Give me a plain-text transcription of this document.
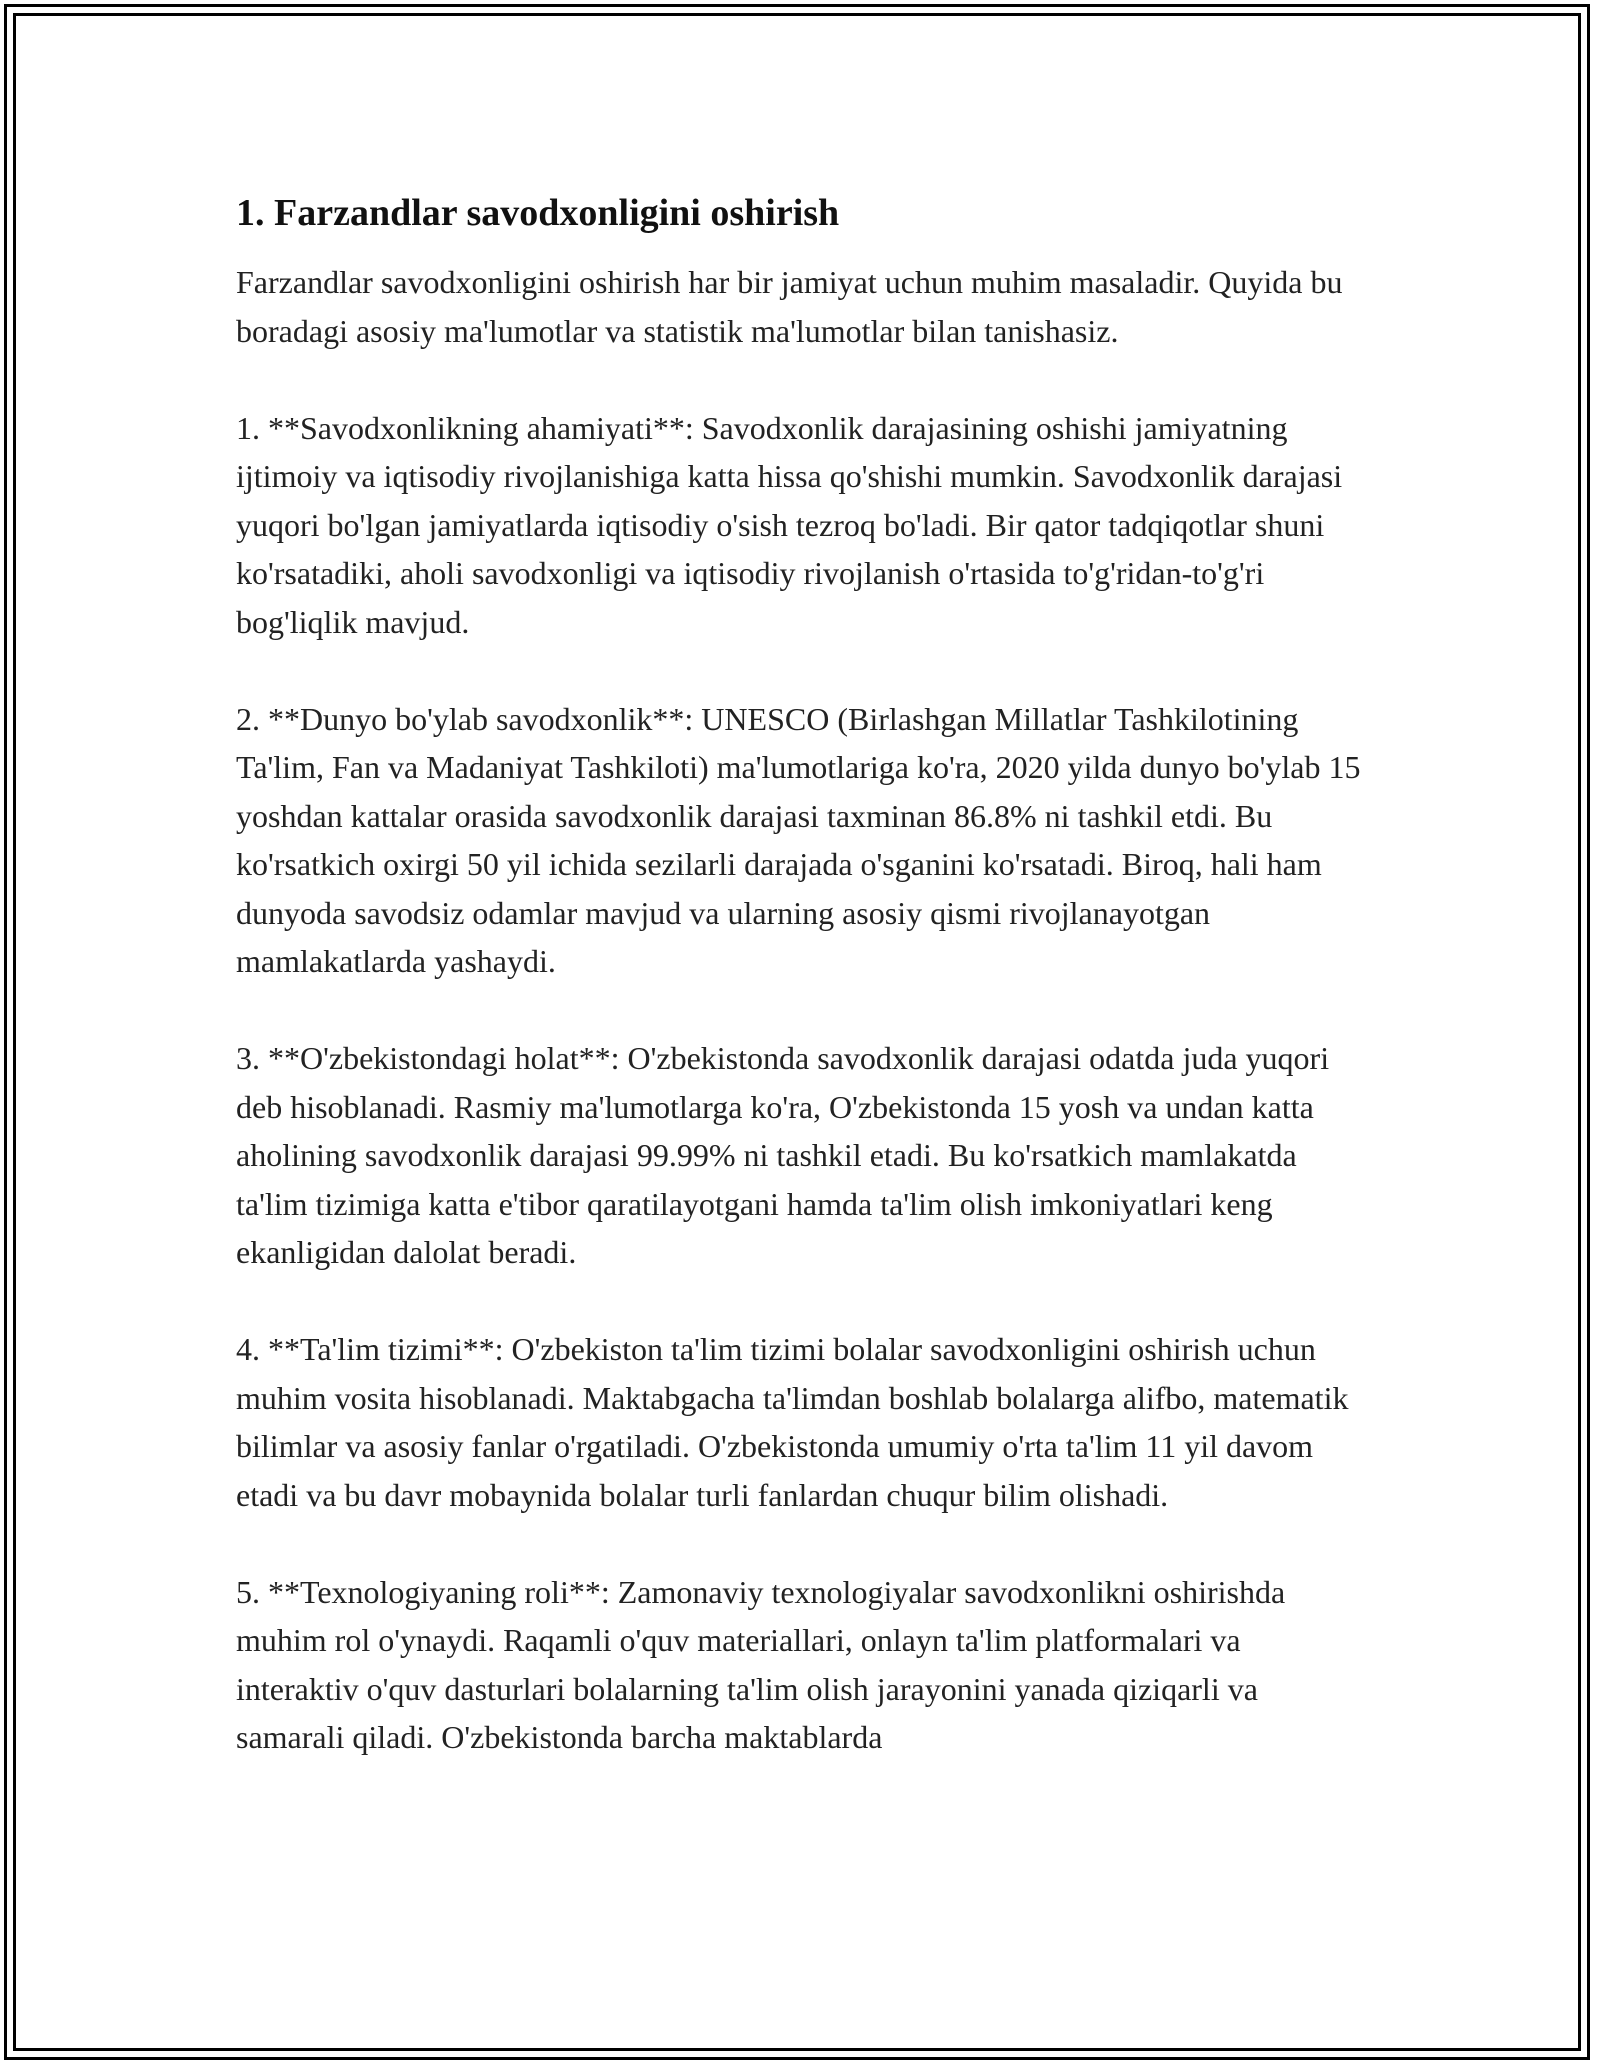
1. Farzandlar savodxonligini oshirish

Farzandlar savodxonligini oshirish har bir jamiyat uchun muhim masaladir. Quyida bu boradagi asosiy ma'lumotlar va statistik ma'lumotlar bilan tanishasiz.

1. **Savodxonlikning ahamiyati**: Savodxonlik darajasining oshishi jamiyatning ijtimoiy va iqtisodiy rivojlanishiga katta hissa qo'shishi mumkin. Savodxonlik darajasi yuqori bo'lgan jamiyatlarda iqtisodiy o'sish tezroq bo'ladi. Bir qator tadqiqotlar shuni ko'rsatadiki, aholi savodxonligi va iqtisodiy rivojlanish o'rtasida to'g'ridan-to'g'ri bog'liqlik mavjud.

2. **Dunyo bo'ylab savodxonlik**: UNESCO (Birlashgan Millatlar Tashkilotining Ta'lim, Fan va Madaniyat Tashkiloti) ma'lumotlariga ko'ra, 2020 yilda dunyo bo'ylab 15 yoshdan kattalar orasida savodxonlik darajasi taxminan 86.8% ni tashkil etdi. Bu ko'rsatkich oxirgi 50 yil ichida sezilarli darajada o'sganini ko'rsatadi. Biroq, hali ham dunyoda savodsiz odamlar mavjud va ularning asosiy qismi rivojlanayotgan mamlakatlarda yashaydi.

3. **O'zbekistondagi holat**: O'zbekistonda savodxonlik darajasi odatda juda yuqori deb hisoblanadi. Rasmiy ma'lumotlarga ko'ra, O'zbekistonda 15 yosh va undan katta aholining savodxonlik darajasi 99.99% ni tashkil etadi. Bu ko'rsatkich mamlakatda ta'lim tizimiga katta e'tibor qaratilayotgani hamda ta'lim olish imkoniyatlari keng ekanligidan dalolat beradi.

4. **Ta'lim tizimi**: O'zbekiston ta'lim tizimi bolalar savodxonligini oshirish uchun muhim vosita hisoblanadi. Maktabgacha ta'limdan boshlab bolalarga alifbo, matematik bilimlar va asosiy fanlar o'rgatiladi. O'zbekistonda umumiy o'rta ta'lim 11 yil davom etadi va bu davr mobaynida bolalar turli fanlardan chuqur bilim olishadi.

5. **Texnologiyaning roli**: Zamonaviy texnologiyalar savodxonlikni oshirishda muhim rol o'ynaydi. Raqamli o'quv materiallari, onlayn ta'lim platformalari va interaktiv o'quv dasturlari bolalarning ta'lim olish jarayonini yanada qiziqarli va samarali qiladi. O'zbekistonda barcha maktablarda
